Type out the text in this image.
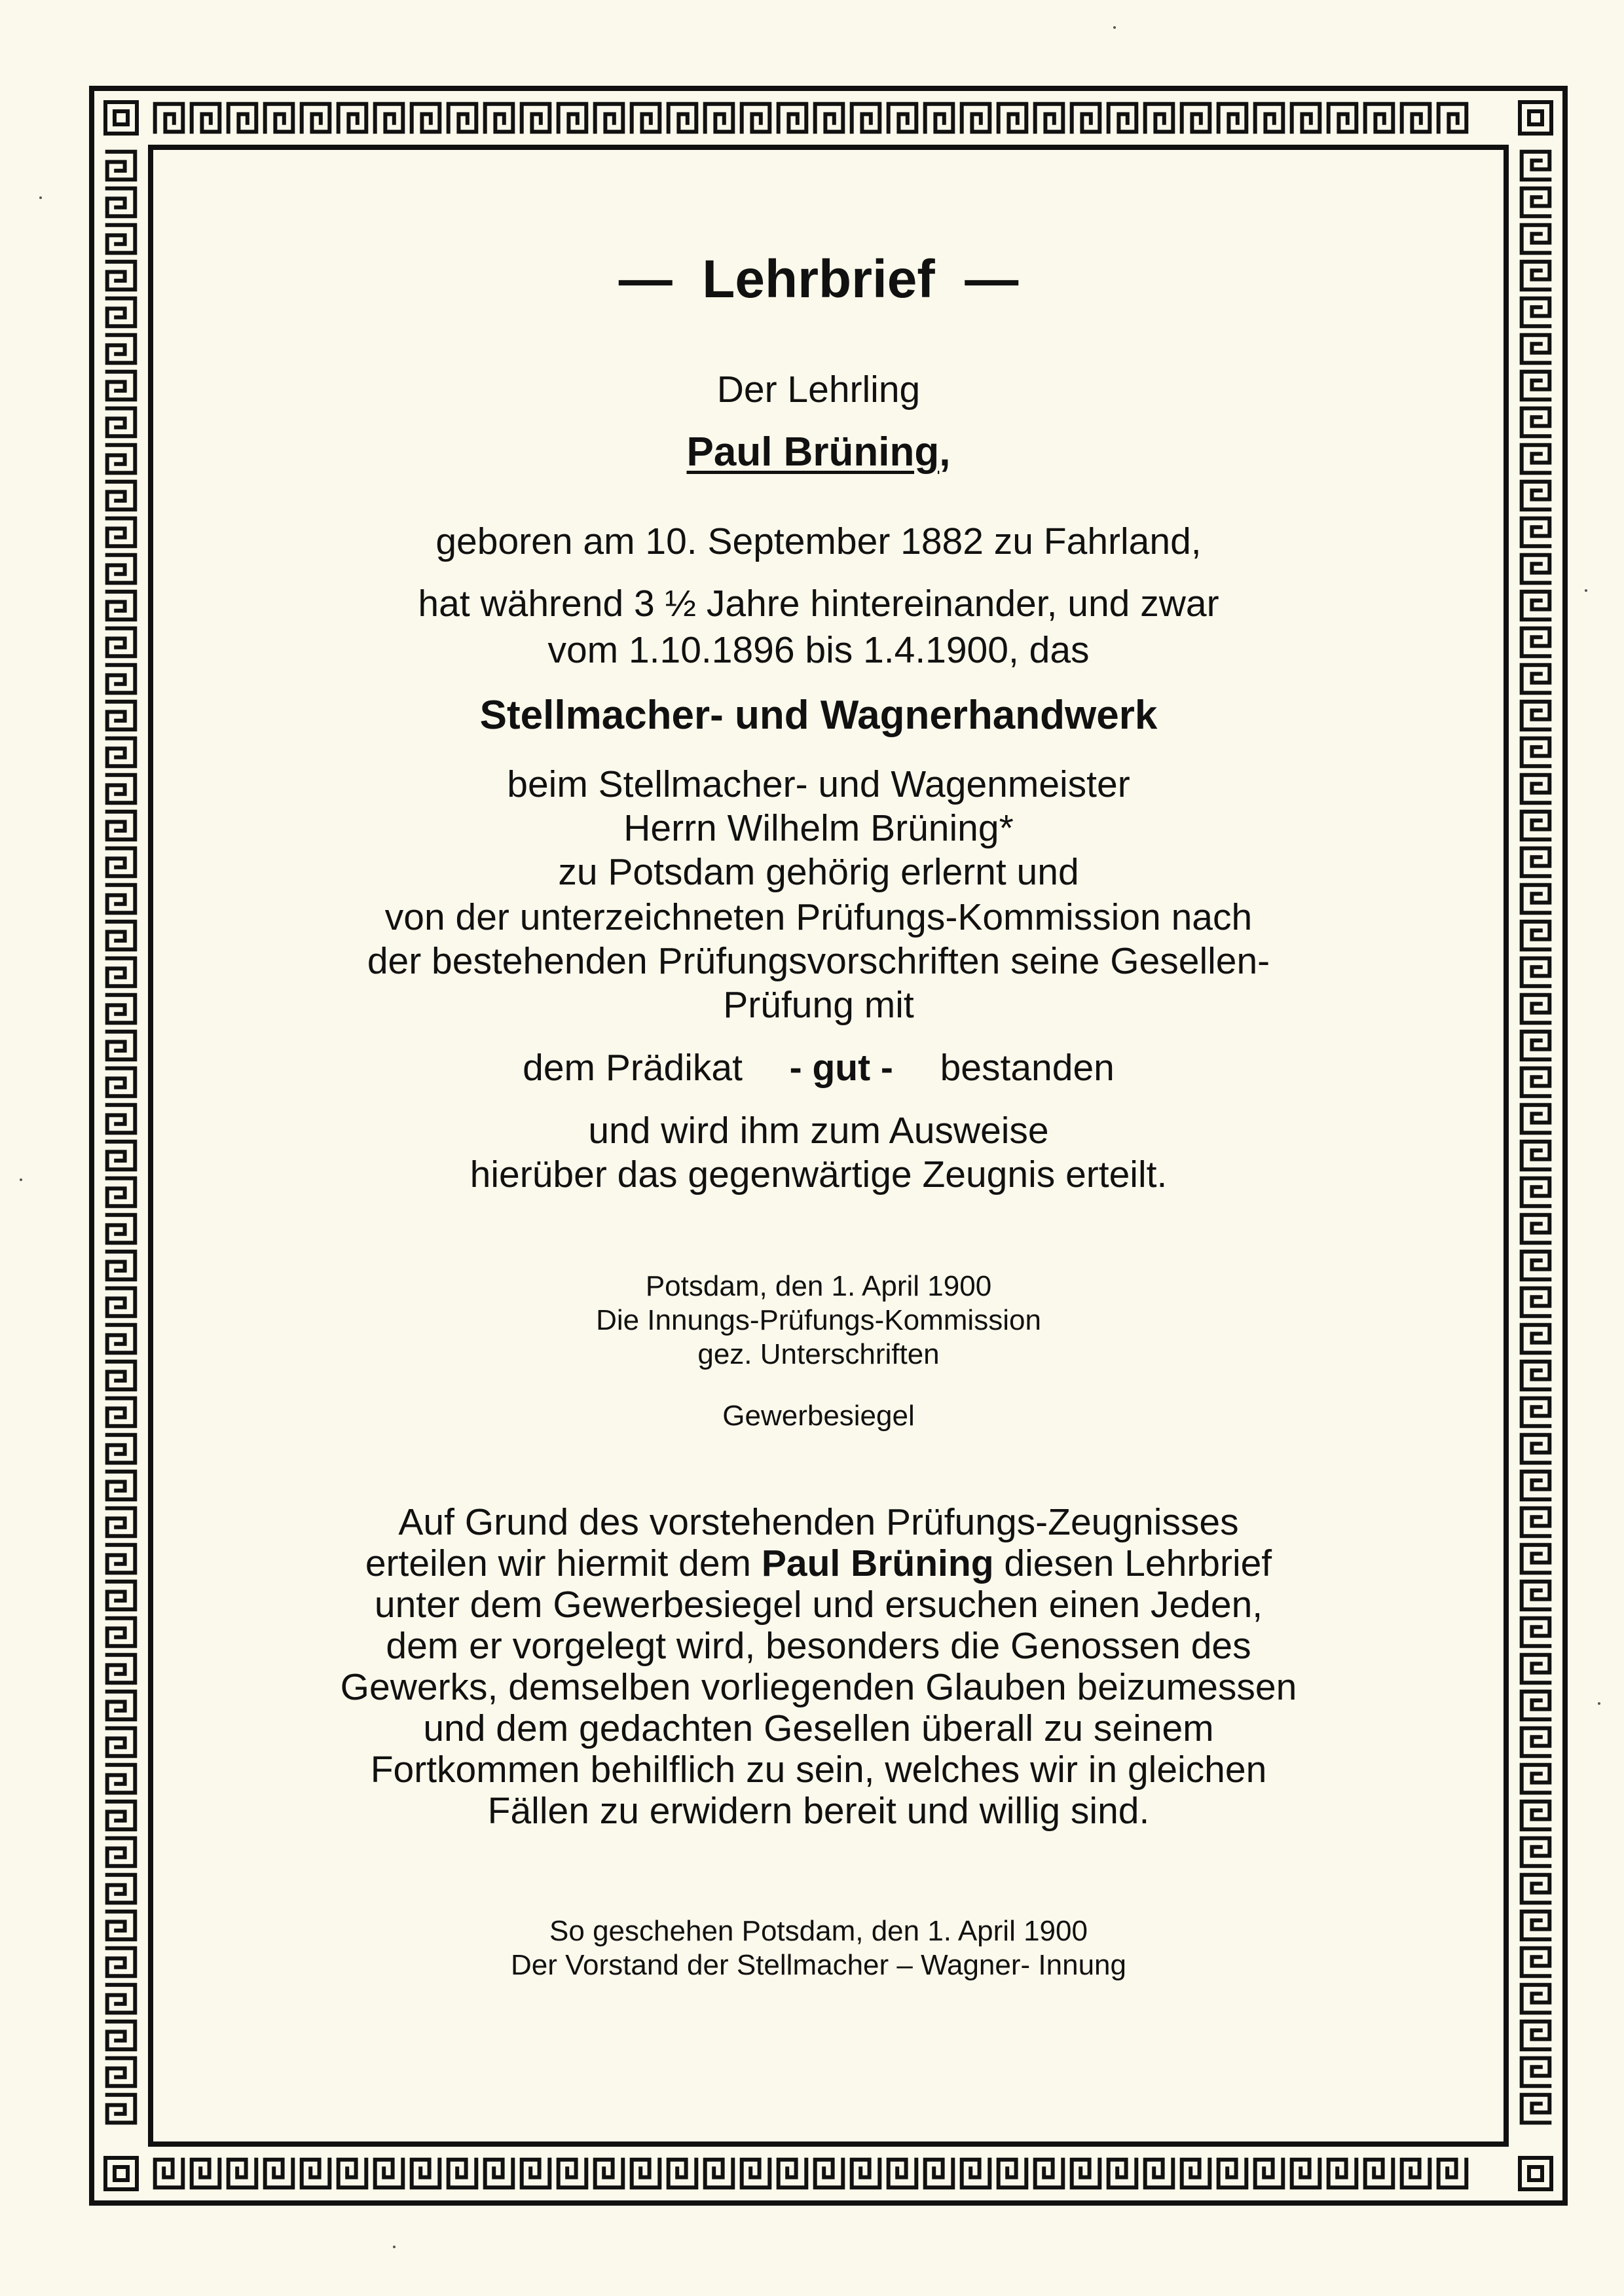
— Lehrbrief —
Der Lehrling
Paul Brüning,
geboren am 10. September 1882 zu Fahrland,
hat während 3 ½ Jahre hintereinander, und zwar
vom 1.10.1896 bis 1.4.1900, das
Stellmacher- und Wagnerhandwerk
beim Stellmacher- und Wagenmeister
Herrn Wilhelm Brüning*
zu Potsdam gehörig erlernt und
von der unterzeichneten Prüfungs-Kommission nach
der bestehenden Prüfungsvorschriften seine Gesellen-
Prüfung mit
dem Prädikat - gut - bestanden
und wird ihm zum Ausweise
hierüber das gegenwärtige Zeugnis erteilt.
Potsdam, den 1. April 1900
Die Innungs-Prüfungs-Kommission
gez. Unterschriften
Gewerbesiegel
Auf Grund des vorstehenden Prüfungs-Zeugnisses
erteilen wir hiermit dem Paul Brüning diesen Lehrbrief
unter dem Gewerbesiegel und ersuchen einen Jeden,
dem er vorgelegt wird, besonders die Genossen des
Gewerks, demselben vorliegenden Glauben beizumessen
und dem gedachten Gesellen überall zu seinem
Fortkommen behilflich zu sein, welches wir in gleichen
Fällen zu erwidern bereit und willig sind.
So geschehen Potsdam, den 1. April 1900
Der Vorstand der Stellmacher – Wagner- Innung
